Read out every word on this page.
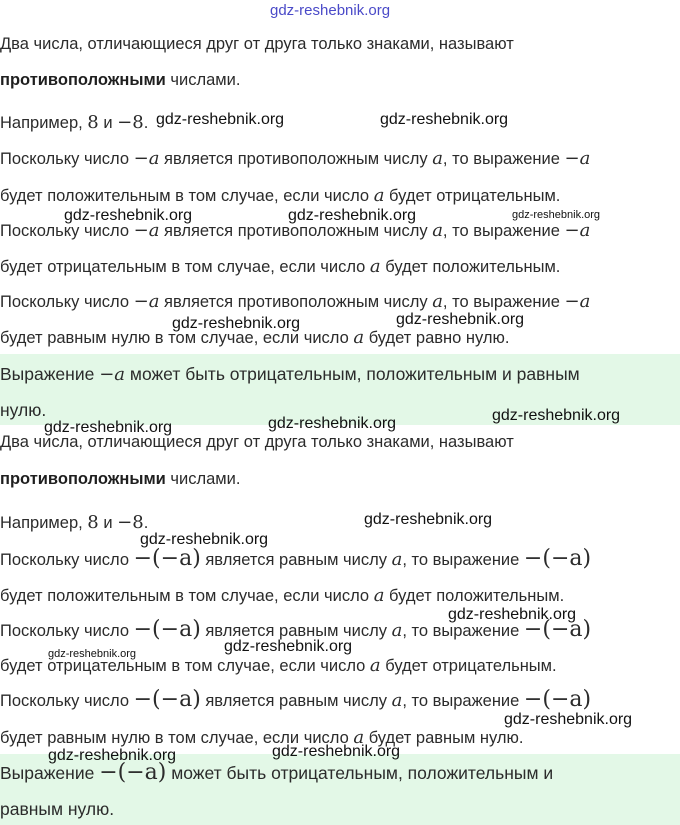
gdz-reshebnik.org
Два числа, отличающиеся друг от друга только знаками, называют
противоположными числами.
Например, 8 и −8.
Поскольку число −a является противоположным числу a, то выражение −a
будет положительным в том случае, если число a будет отрицательным.
Поскольку число −a является противоположным числу a, то выражение −a
будет отрицательным в том случае, если число a будет положительным.
Поскольку число −a является противоположным числу a, то выражение −a
будет равным нулю в том случае, если число a будет равно нулю.
Выражение −a может быть отрицательным, положительным и равным
нулю.
Два числа, отличающиеся друг от друга только знаками, называют
противоположными числами.
Например, 8 и −8.
Поскольку число −(−a) является равным числу a, то выражение −(−a)
будет положительным в том случае, если число a будет положительным.
Поскольку число −(−a) является равным числу a, то выражение −(−a)
будет отрицательным в том случае, если число a будет отрицательным.
Поскольку число −(−a) является равным числу a, то выражение −(−a)
будет равным нулю в том случае, если число a будет равным нулю.
Выражение −(−a) может быть отрицательным, положительным и
равным нулю.
gdz-reshebnik.org	gdz-reshebnik.org
gdz-reshebnik.org	gdz-reshebnik.org	gdz-reshebnik.org
gdz-reshebnik.org	gdz-reshebnik.org
gdz-reshebnik.org	gdz-reshebnik.org	gdz-reshebnik.org
gdz-reshebnik.org
gdz-reshebnik.org
gdz-reshebnik.org
gdz-reshebnik.org
gdz-reshebnik.org
gdz-reshebnik.org
gdz-reshebnik.org	gdz-reshebnik.org
